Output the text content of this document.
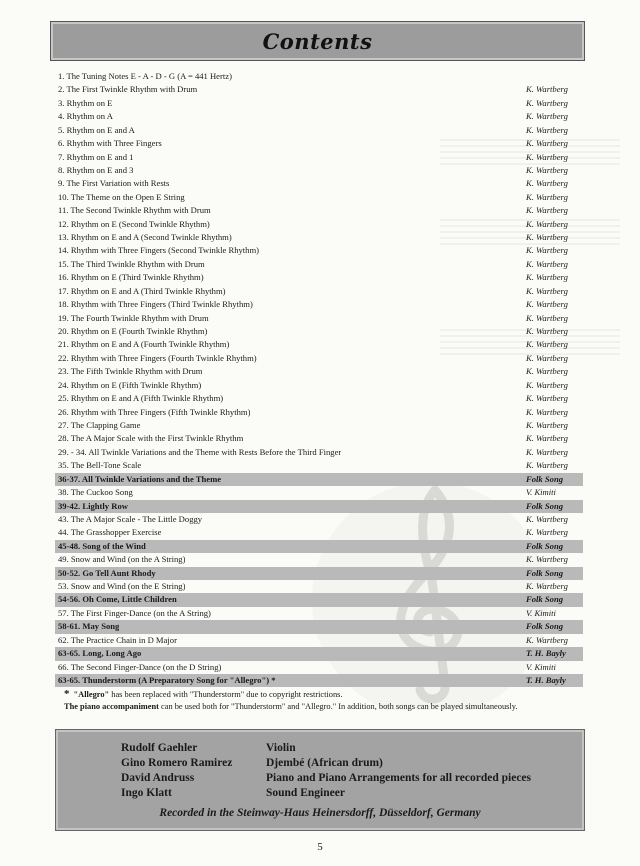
Contents
1. The Tuning Notes E - A - D - G (A = 441 Hertz)
2. The First Twinkle Rhythm with Drum	K. Wartberg
3. Rhythm on E	K. Wartberg
4. Rhythm on A	K. Wartberg
5. Rhythm on E and A	K. Wartberg
6. Rhythm with Three Fingers	K. Wartberg
7. Rhythm on E and 1	K. Wartberg
8. Rhythm on E and 3	K. Wartberg
9. The First Variation with Rests	K. Wartberg
10. The Theme on the Open E String	K. Wartberg
11. The Second Twinkle Rhythm with Drum	K. Wartberg
12. Rhythm on E (Second Twinkle Rhythm)	K. Wartberg
13. Rhythm on E and A (Second Twinkle Rhythm)	K. Wartberg
14. Rhythm with Three Fingers (Second Twinkle Rhythm)	K. Wartberg
15. The Third Twinkle Rhythm with Drum	K. Wartberg
16. Rhythm on E (Third Twinkle Rhythm)	K. Wartberg
17. Rhythm on E and A (Third Twinkle Rhythm)	K. Wartberg
18. Rhythm with Three Fingers (Third Twinkle Rhythm)	K. Wartberg
19. The Fourth Twinkle Rhythm with Drum	K. Wartberg
20. Rhythm on E (Fourth Twinkle Rhythm)	K. Wartberg
21. Rhythm on E and A (Fourth Twinkle Rhythm)	K. Wartberg
22. Rhythm with Three Fingers (Fourth Twinkle Rhythm)	K. Wartberg
23. The Fifth Twinkle Rhythm with Drum	K. Wartberg
24. Rhythm on E (Fifth Twinkle Rhythm)	K. Wartberg
25. Rhythm on E and A (Fifth Twinkle Rhythm)	K. Wartberg
26. Rhythm with Three Fingers (Fifth Twinkle Rhythm)	K. Wartberg
27. The Clapping Game	K. Wartberg
28. The A Major Scale with the First Twinkle Rhythm	K. Wartberg
29. - 34. All Twinkle Variations and the Theme with Rests Before the Third Finger	K. Wartberg
35. The Bell-Tone Scale	K. Wartberg
36-37. All Twinkle Variations and the Theme	Folk Song
38. The Cuckoo Song	V. Kimiti
39-42. Lightly Row	Folk Song
43. The A Major Scale - The Little Doggy	K. Wartberg
44. The Grasshopper Exercise	K. Wartberg
45-48. Song of the Wind	Folk Song
49. Snow and Wind (on the A String)	K. Wartberg
50-52. Go Tell Aunt Rhody	Folk Song
53. Snow and Wind (on the E String)	K. Wartberg
54-56. Oh Come, Little Children	Folk Song
57. The First Finger-Dance (on the A String)	V. Kimiti
58-61. May Song	Folk Song
62. The Practice Chain in D Major	K. Wartberg
63-65. Long, Long Ago	T. H. Bayly
66. The Second Finger-Dance (on the D String)	V. Kimiti
63-65. Thunderstorm (A Preparatory Song for "Allegro") *	T. H. Bayly
* "Allegro" has been replaced with "Thunderstorm" due to copyright restrictions.
The piano accompaniment can be used both for "Thunderstorm" and "Allegro." In addition, both songs can be played simultaneously.
Rudolf Gaehler	Violin
Gino Romero Ramirez	Djembé (African drum)
David Andruss	Piano and Piano Arrangements for all recorded pieces
Ingo Klatt	Sound Engineer
Recorded in the Steinway-Haus Heinersdorff, Düsseldorf, Germany
5
